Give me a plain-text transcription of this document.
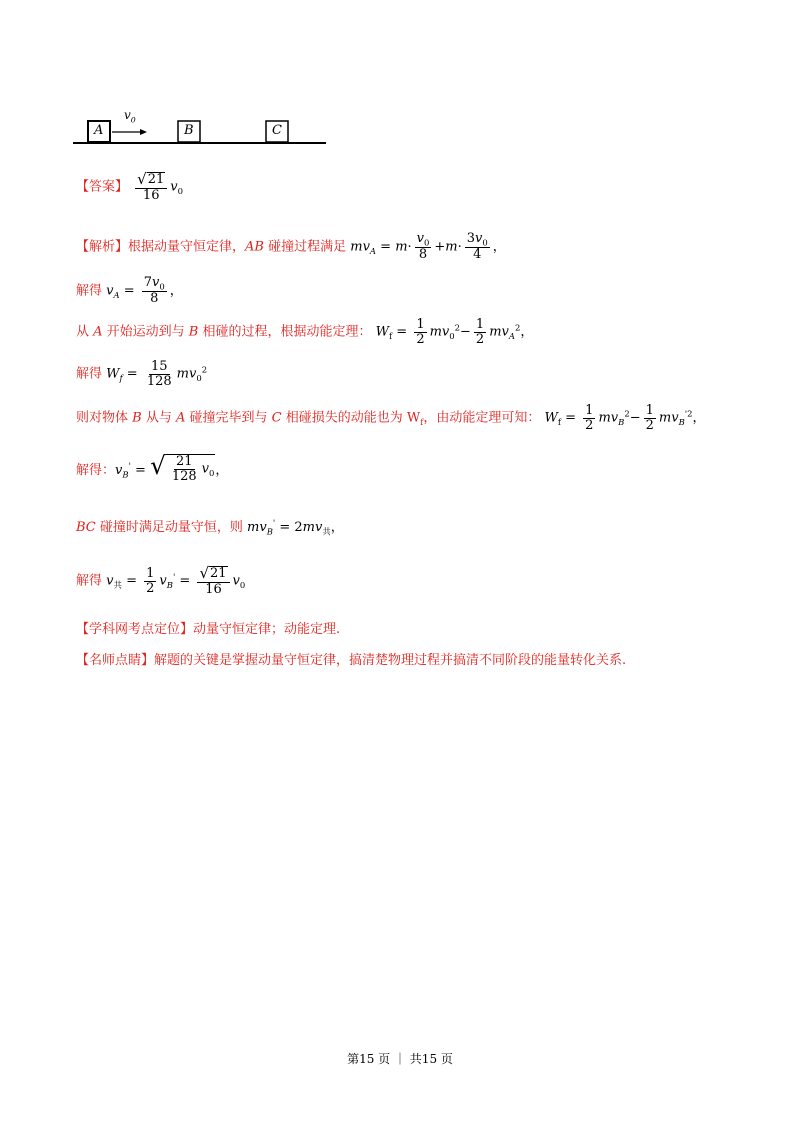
A	B	C
$v_0$
【答案】 $\frac{√ 21}{16} v_0$
【解析】根据动量守恒定律，AB 碰撞过程满足 $mv_A = m\cdot \frac{v_0}{8} +m\cdot \frac{3v_0}{4}$ ，
解得 $v_A = \frac{7v_0}{8}$ ，
从 A 开始运动到与 B 相碰的过程，根据动能定理： $W_f = \frac{1}{2} mv_0^2- \frac{1}{2} mv_A^2$，
解得 $W_f = \frac{15}{128} mv_0^2$
则对物体 B 从与 A 碰撞完毕到与 C 相碰损失的动能也为 $W_f$，由动能定理可知： $W_f = \frac{1}{2} mv_B^2- \frac{1}{2} mv_B^{'2}$，
解得：$v_B'$ = √ $\frac{21}{128} v_0$ ，
BC 碰撞时满足动量守恒，则 $mv_B' = 2mv_共$，
解得 $v_共 = \frac{1}{2} v_B' = \frac{√ 21}{16} v_0$
【学科网考点定位】动量守恒定律；动能定理.
【名师点睛】解题的关键是掌握动量守恒定律，搞清楚物理过程并搞清不同阶段的能量转化关系.
第15 页 ｜ 共15 页
